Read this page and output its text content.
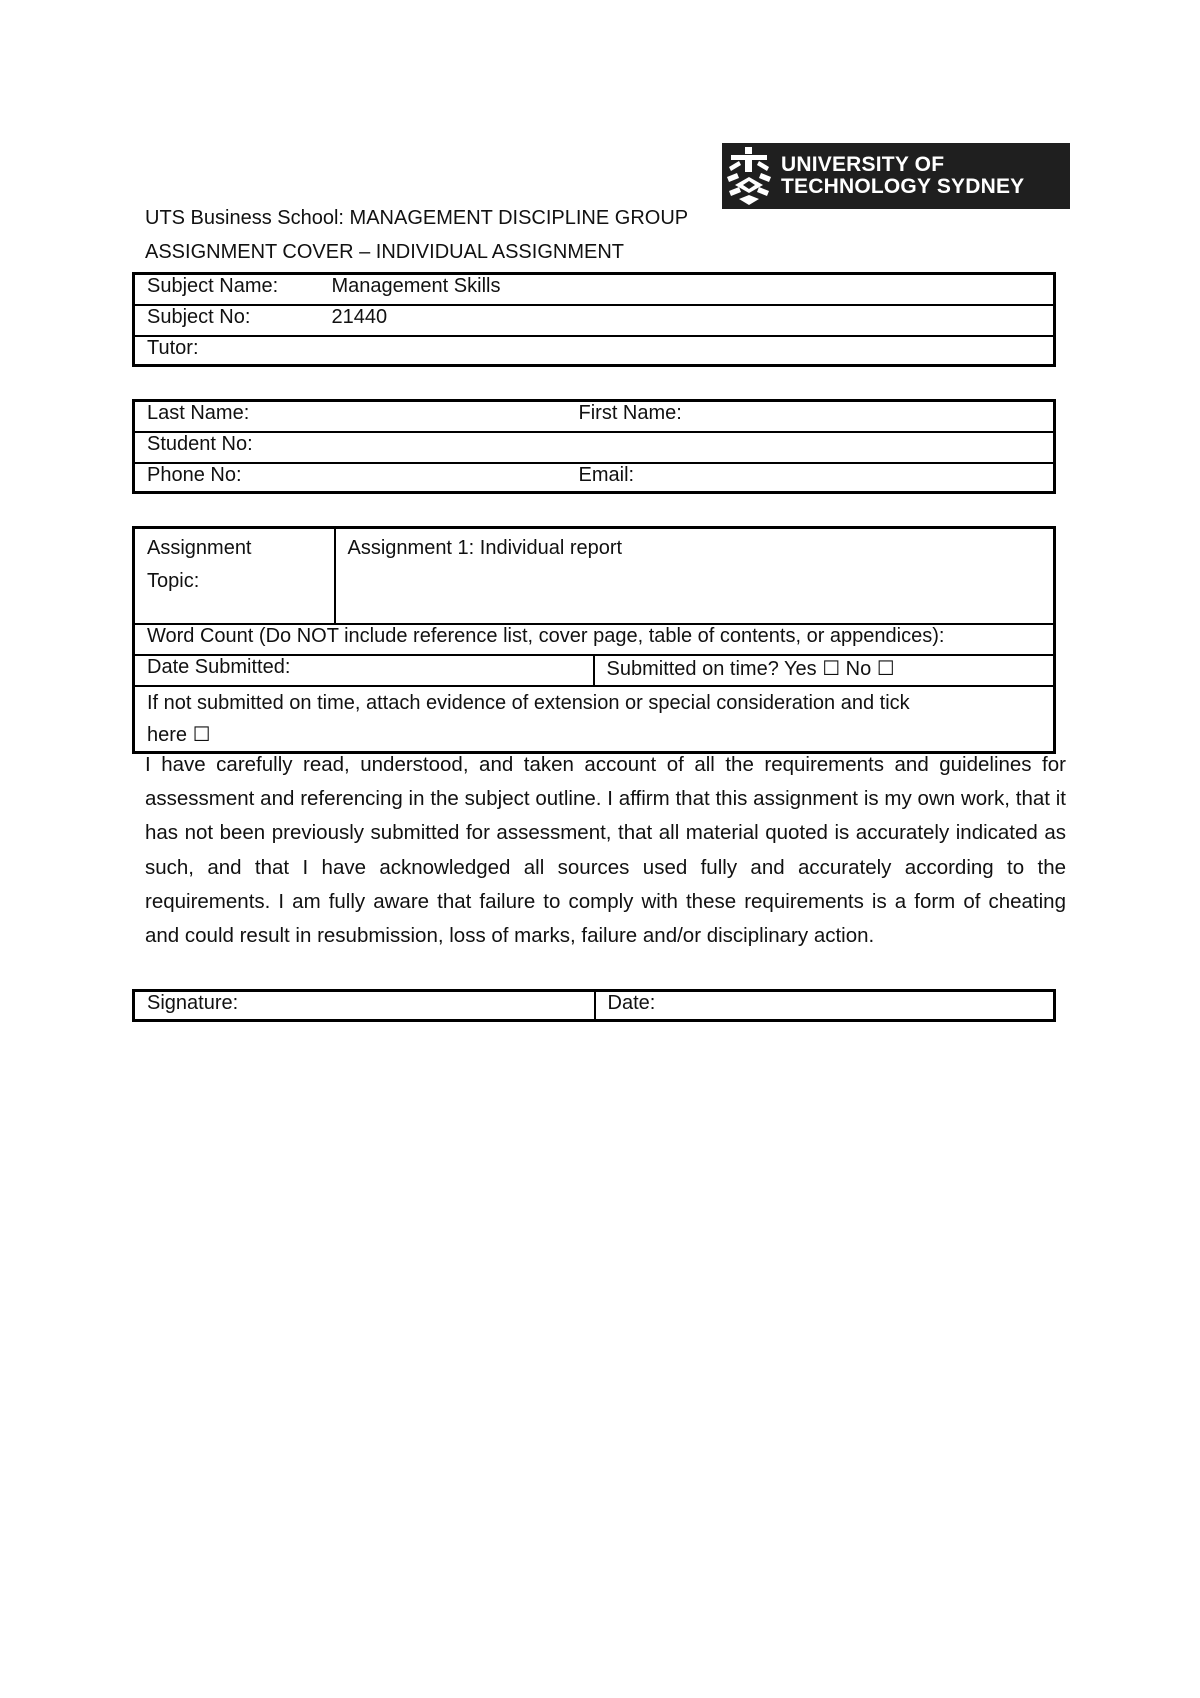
UNIVERSITY OF
TECHNOLOGY SYDNEY
UTS Business School: MANAGEMENT DISCIPLINE GROUP
ASSIGNMENT COVER – INDIVIDUAL ASSIGNMENT
Subject Name:	Management Skills
Subject No:	21440
Tutor:	
Last Name:	First Name:
Student No:	
Phone No:	Email:
Assignment
Topic:	Assignment 1: Individual report	
Word Count (Do NOT include reference list, cover page, table of contents, or appendices):		
Date Submitted:		Submitted on time? Yes ☐ No ☐

If not submitted on time, attach evidence of extension or special consideration and tick
here ☐		
I have carefully read, understood, and taken account of all the requirements and guidelines for assessment and referencing in the subject outline. I affirm that this assignment is my own work, that it has not been previously submitted for assessment, that all material quoted is accurately indicated as such, and that I have acknowledged all sources used fully and accurately according to the requirements. I am fully aware that failure to comply with these requirements is a form of cheating and could result in resubmission, loss of marks, failure and/or disciplinary action.
Signature:	Date:
